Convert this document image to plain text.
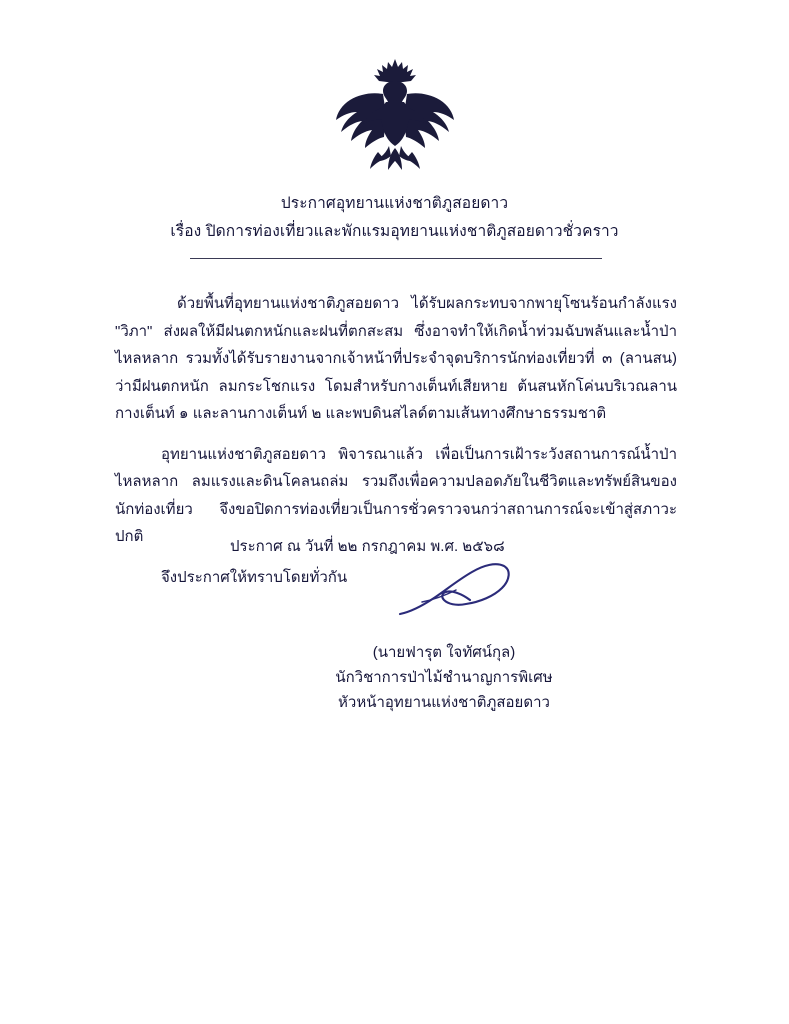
ประกาศอุทยานแห่งชาติภูสอยดาว
เรื่อง ปิดการท่องเที่ยวและพักแรมอุทยานแห่งชาติภูสอยดาวชั่วคราว

ด้วยพื้นที่อุทยานแห่งชาติภูสอยดาว ได้รับผลกระทบจากพายุโซนร้อนกำลังแรง "วิภา" ส่งผลให้มีฝนตกหนักและฝนที่ตกสะสม ซึ่งอาจทำให้เกิดน้ำท่วมฉับพลันและน้ำป่าไหลหลาก รวมทั้งได้รับรายงานจากเจ้าหน้าที่ประจำจุดบริการนักท่องเที่ยวที่ ๓ (ลานสน) ว่ามีฝนตกหนัก ลมกระโชกแรง โดมสำหรับกางเต็นท์เสียหาย ต้นสนหักโค่นบริเวณลานกางเต็นท์ ๑ และลานกางเต็นท์ ๒ และพบดินสไลด์ตามเส้นทางศึกษาธรรมชาติ

อุทยานแห่งชาติภูสอยดาว พิจารณาแล้ว เพื่อเป็นการเฝ้าระวังสถานการณ์น้ำป่าไหลหลาก ลมแรงและดินโคลนถล่ม รวมถึงเพื่อความปลอดภัยในชีวิตและทรัพย์สินของนักท่องเที่ยว จึงขอปิดการท่องเที่ยวเป็นการชั่วคราวจนกว่าสถานการณ์จะเข้าสู่สภาวะปกติ

จึงประกาศให้ทราบโดยทั่วกัน

ประกาศ ณ วันที่ ๒๒ กรกฎาคม พ.ศ. ๒๕๖๘
(นายฟารุต ใจทัศน์กุล)
นักวิชาการป่าไม้ชำนาญการพิเศษ
หัวหน้าอุทยานแห่งชาติภูสอยดาว
